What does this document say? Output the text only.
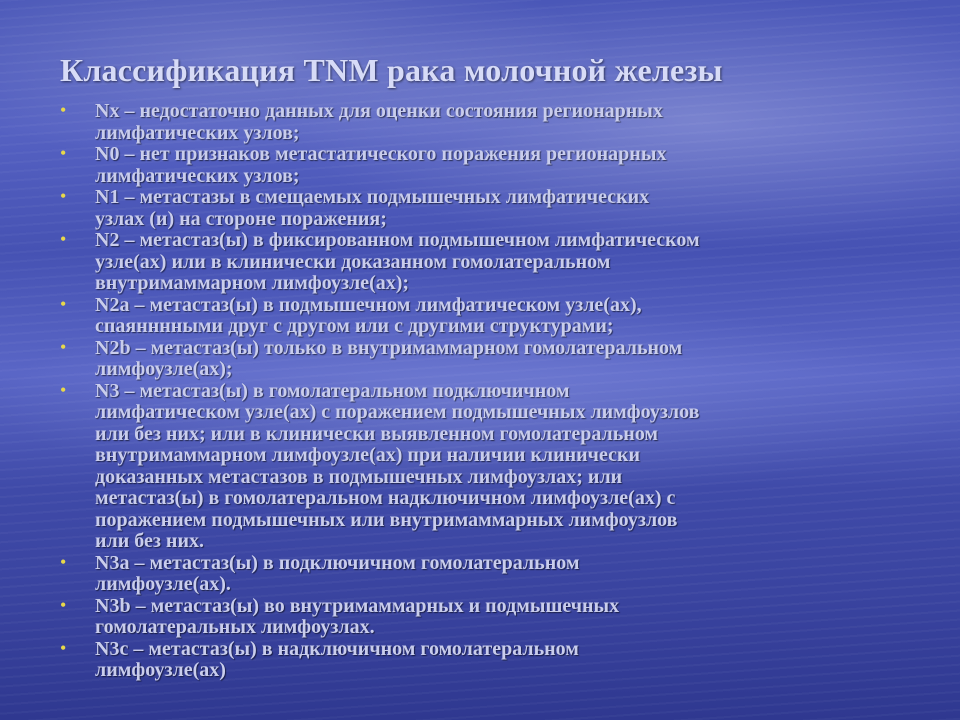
Классификация TNM рака молочной железы
• Nx – недостаточно данных для оценки состояния регионарных
лимфатических узлов;
• N0 – нет признаков метастатического поражения регионарных
лимфатических узлов;
• N1 – метастазы в смещаемых подмышечных лимфатических
узлах (и) на стороне поражения;
• N2 – метастаз(ы) в фиксированном подмышечном лимфатическом
узле(ах) или в клинически доказанном гомолатеральном
внутримаммарном лимфоузле(ах);
• N2a – метастаз(ы) в подмышечном лимфатическом узле(ах),
спаянннными друг с другом или с другими структурами;
• N2b – метастаз(ы) только в внутримаммарном гомолатеральном
лимфоузле(ах);
• N3 – метастаз(ы) в гомолатеральном подключичном
лимфатическом узле(ах) с поражением подмышечных лимфоузлов
или без них; или в клинически выявленном гомолатеральном
внутримаммарном лимфоузле(ах) при наличии клинически
доказанных метастазов в подмышечных лимфоузлах; или
метастаз(ы) в гомолатеральном надключичном лимфоузле(ах) с
поражением подмышечных или внутримаммарных лимфоузлов
или без них.
• N3a – метастаз(ы) в подключичном гомолатеральном
лимфоузле(ах).
• N3b – метастаз(ы) во внутримаммарных и подмышечных
гомолатеральных лимфоузлах.
• N3c – метастаз(ы) в надключичном гомолатеральном
лимфоузле(ах)
